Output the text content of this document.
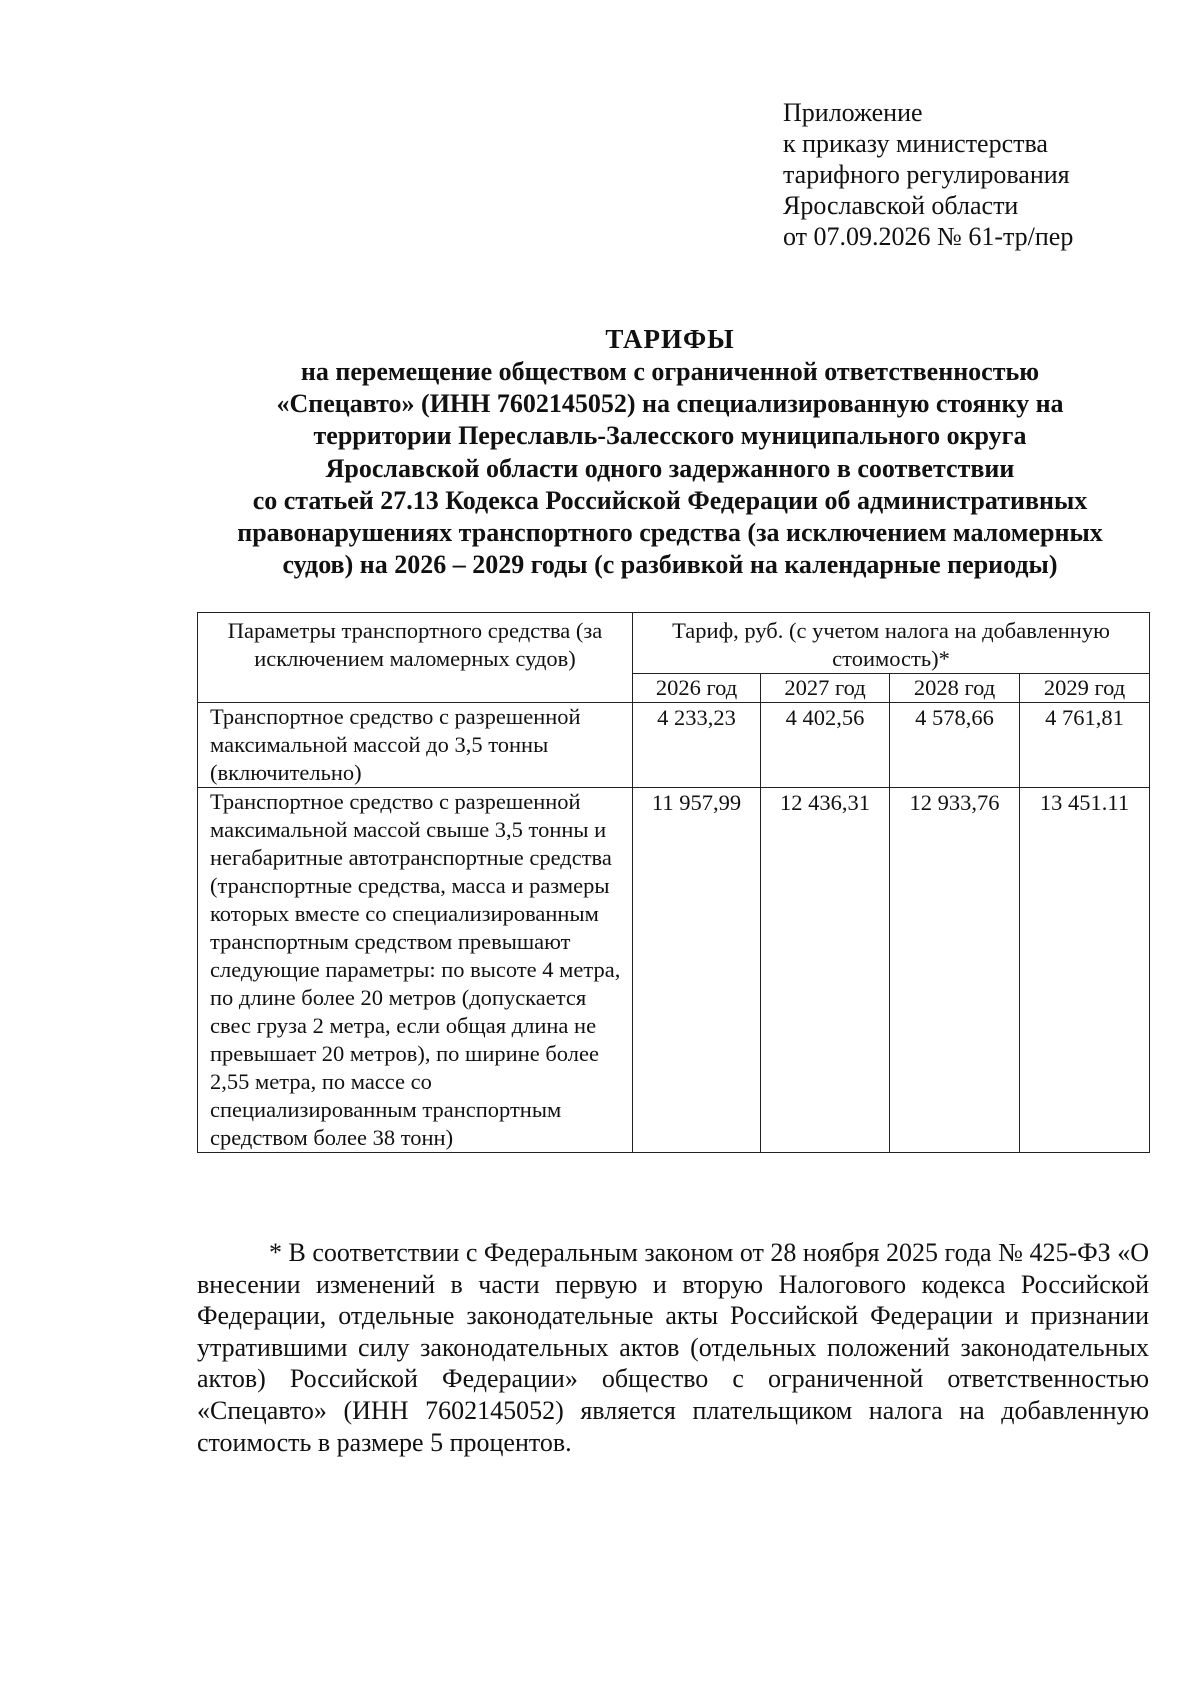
Приложение
к приказу министерства
тарифного регулирования
Ярославской области
от 07.09.2026 № 61-тр/пер
ТАРИФЫ
на перемещение обществом с ограниченной ответственностью
«Спецавто» (ИНН 7602145052) на специализированную стоянку на
территории Переславль-Залесского муниципального округа
Ярославской области одного задержанного в соответствии
со статьей 27.13 Кодекса Российской Федерации об административных
правонарушениях транспортного средства (за исключением маломерных
судов) на 2026 – 2029 годы (с разбивкой на календарные периоды)
Параметры транспортного средства (за исключением маломерных судов)	Тариф, руб. (с учетом налога на добавленную стоимость)*			
	2026 год	2027 год	2028 год	2029 год
Транспортное средство с разрешенной максимальной массой до 3,5 тонны (включительно)	4 233,23	4 402,56	4 578,66	4 761,81
Транспортное средство с разрешенной максимальной массой свыше 3,5 тонны и негабаритные автотранспортные средства (транспортные средства, масса и размеры которых вместе со специализированным транспортным средством превышают следующие параметры: по высоте 4 метра, по длине более 20 метров (допускается свес груза 2 метра, если общая длина не превышает 20 метров), по ширине более 2,55 метра, по массе со специализированным транспортным средством более 38 тонн)	11 957,99	12 436,31	12 933,76	13 451.11

* В соответствии с Федеральным законом от 28 ноября 2025 года № 425-ФЗ «О внесении изменений в части первую и вторую Налогового кодекса Российской Федерации, отдельные законодательные акты Российской Федерации и признании утратившими силу законодательных актов (отдельных положений законодательных актов) Российской Федерации» общество с ограниченной ответственностью «Спецавто» (ИНН 7602145052) является плательщиком налога на добавленную стоимость в размере 5 процентов.
